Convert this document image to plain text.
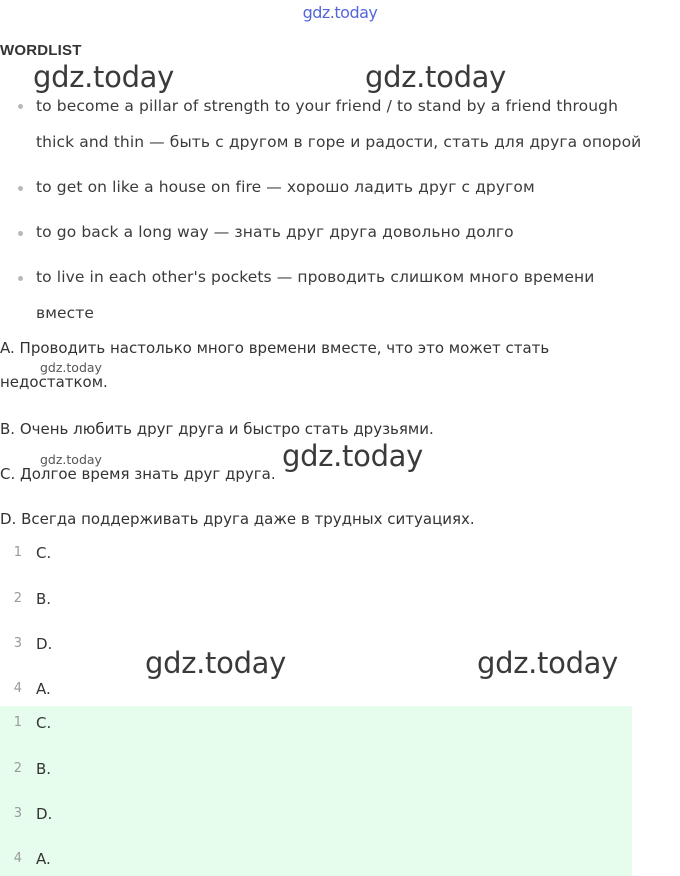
gdz.today
WORDLIST
gdz.today	gdz.today
to become a pillar of strength to your friend / to stand by a friend through
thick and thin — быть с другом в горе и радости, стать для друга опорой
to get on like a house on fire — хорошо ладить друг с другом
to go back a long way — знать друг друга довольно долго
to live in each other's pockets — проводить слишком много времени
вместе
A. Проводить настолько много времени вместе, что это может стать
недостатком.
B. Очень любить друг друга и быстро стать друзьями.
C. Долгое время знать друг друга.
D. Всегда поддерживать друга даже в трудных ситуациях.
gdz.today
gdz.today	gdz.today
1 C.
2 B.
3 D.
4 A.
gdz.today	gdz.today
1 C.
2 B.
3 D.
4 A.
